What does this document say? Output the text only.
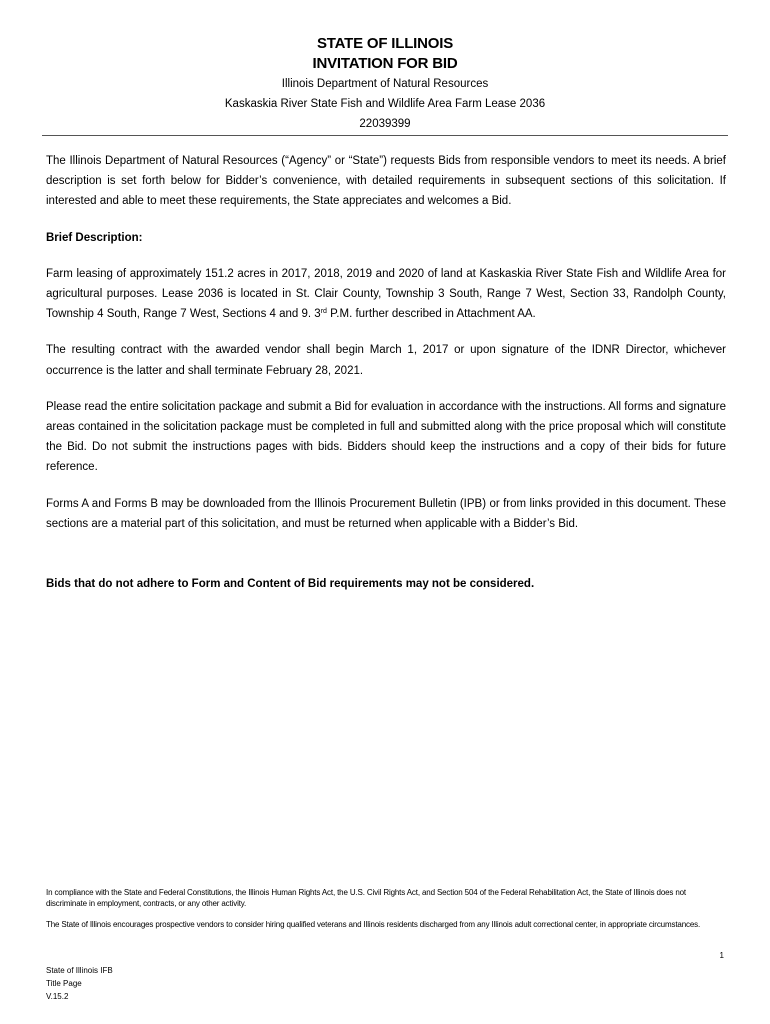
STATE OF ILLINOIS
INVITATION FOR BID
Illinois Department of Natural Resources
Kaskaskia River State Fish and Wildlife Area Farm Lease 2036
22039399

The Illinois Department of Natural Resources (“Agency” or “State”) requests Bids from responsible vendors to meet its needs. A brief description is set forth below for Bidder’s convenience, with detailed requirements in subsequent sections of this solicitation. If interested and able to meet these requirements, the State appreciates and welcomes a Bid.

Brief Description:

Farm leasing of approximately 151.2 acres in 2017, 2018, 2019 and 2020 of land at Kaskaskia River State Fish and Wildlife Area for agricultural purposes. Lease 2036 is located in St. Clair County, Township 3 South, Range 7 West, Section 33, Randolph County, Township 4 South, Range 7 West, Sections 4 and 9. 3rd P.M. further described in Attachment AA.

The resulting contract with the awarded vendor shall begin March 1, 2017 or upon signature of the IDNR Director, whichever occurrence is the latter and shall terminate February 28, 2021.

Please read the entire solicitation package and submit a Bid for evaluation in accordance with the instructions. All forms and signature areas contained in the solicitation package must be completed in full and submitted along with the price proposal which will constitute the Bid. Do not submit the instructions pages with bids. Bidders should keep the instructions and a copy of their bids for future reference.

Forms A and Forms B may be downloaded from the Illinois Procurement Bulletin (IPB) or from links provided in this document. These sections are a material part of this solicitation, and must be returned when applicable with a Bidder’s Bid.

Bids that do not adhere to Form and Content of Bid requirements may not be considered.

In compliance with the State and Federal Constitutions, the Illinois Human Rights Act, the U.S. Civil Rights Act, and Section 504 of the Federal Rehabilitation Act, the State of Illinois does not discriminate in employment, contracts, or any other activity.

The State of Illinois encourages prospective vendors to consider hiring qualified veterans and Illinois residents discharged from any Illinois adult correctional center, in appropriate circumstances.

1
State of Illinois IFB
Title Page
V.15.2
